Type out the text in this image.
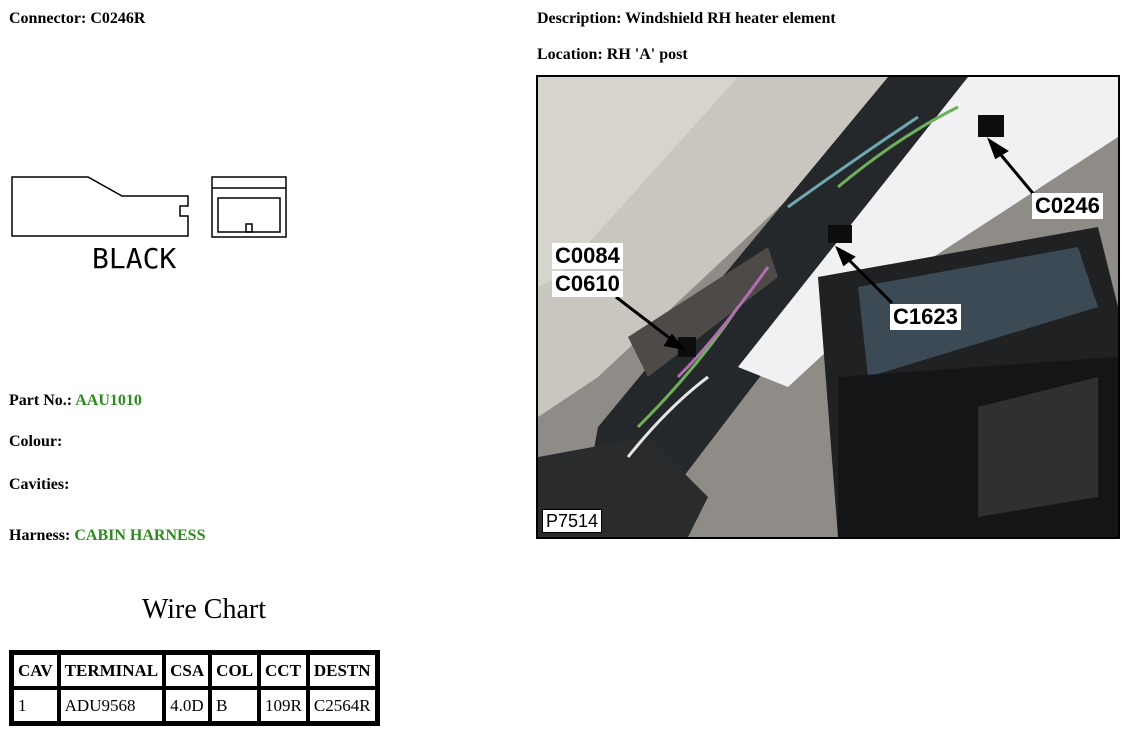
Connector: C0246R	Description: Windshield RH heater element
Location: RH 'A' post
BLACK
C0246
C0084
C0610
C1623
P7514
Part No.: AAU1010
Colour:
Cavities:
Harness: CABIN HARNESS
Wire Chart
CAV	TERMINAL	CSA	COL	CCT	DESTN
1	ADU9568	4.0D	B	109R	C2564R
